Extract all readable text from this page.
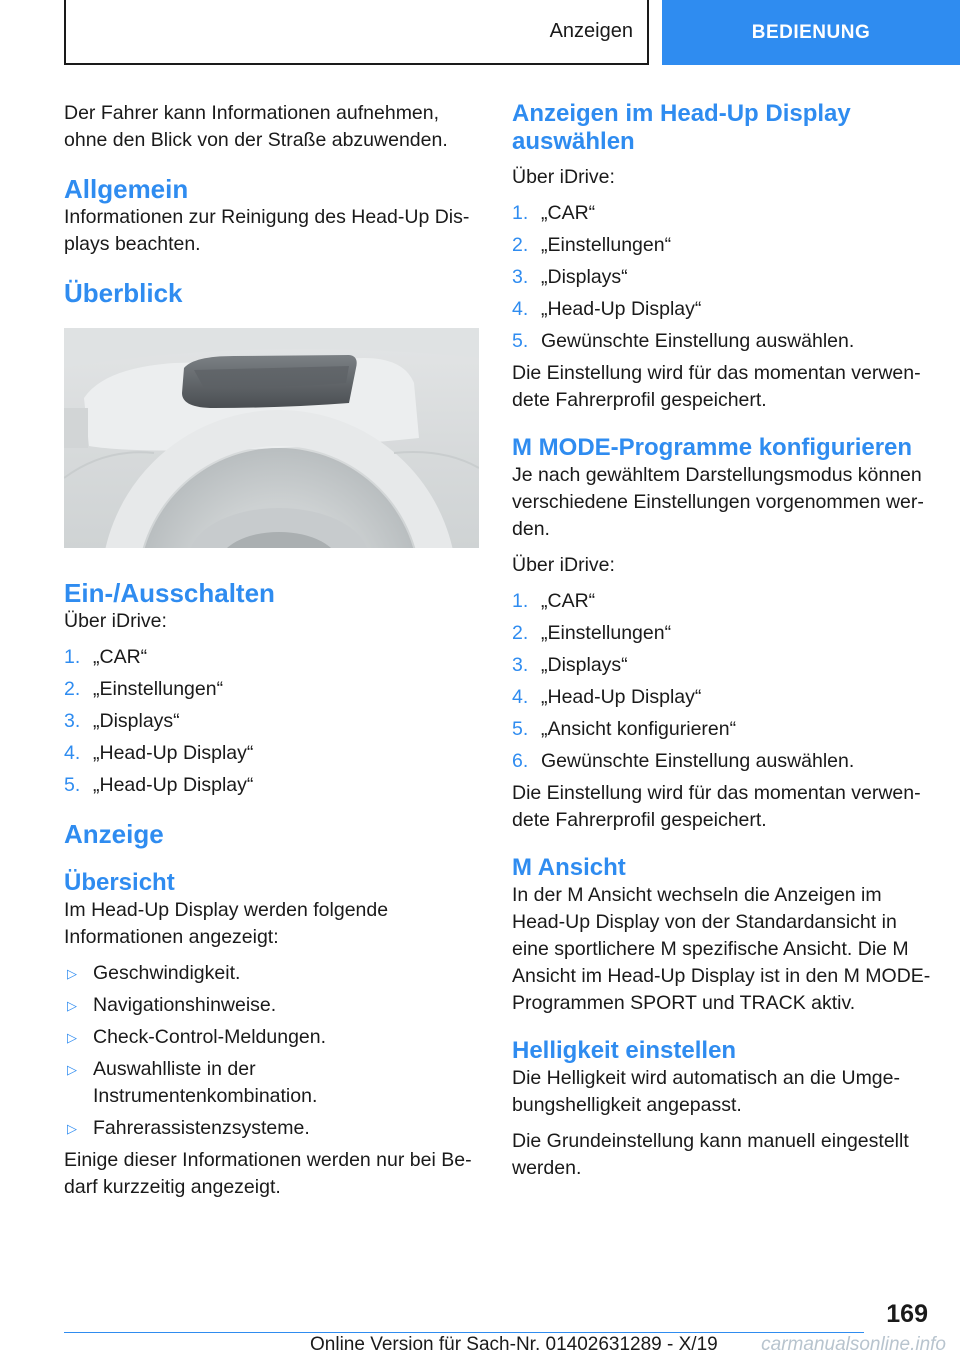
Anzeigen	BEDIENUNG

Der Fahrer kann Informationen aufnehmen, ohne den Blick von der Straße abzuwenden.

Allgemein

Informationen zur Reinigung des Head-Up Displays beachten.

Überblick
Ein-/Ausschalten

Über iDrive:

1. „CAR“
2. „Einstellungen“
3. „Displays“
4. „Head-Up Display“
5. „Head-Up Display“
Anzeige
Übersicht

Im Head-Up Display werden folgende Informationen angezeigt:

▷ Geschwindigkeit.
▷ Navigationshinweise.
▷ Check-Control-Meldungen.
▷ Auswahlliste in der Instrumentenkombination.
▷ Fahrerassistenzsysteme.

Einige dieser Informationen werden nur bei Bedarf kurzzeitig angezeigt.

Anzeigen im Head-Up Display auswählen

Über iDrive:

1. „CAR“
2. „Einstellungen“
3. „Displays“
4. „Head-Up Display“
5. Gewünschte Einstellung auswählen.

Die Einstellung wird für das momentan verwendete Fahrerprofil gespeichert.

M MODE-Programme konfigurieren

Je nach gewähltem Darstellungsmodus können verschiedene Einstellungen vorgenommen werden.

Über iDrive:

1. „CAR“
2. „Einstellungen“
3. „Displays“
4. „Head-Up Display“
5. „Ansicht konfigurieren“
6. Gewünschte Einstellung auswählen.

Die Einstellung wird für das momentan verwendete Fahrerprofil gespeichert.

M Ansicht

In der M Ansicht wechseln die Anzeigen im Head-Up Display von der Standardansicht in eine sportlichere M spezifische Ansicht. Die M Ansicht im Head-Up Display ist in den M MODE-Programmen SPORT und TRACK aktiv.

Helligkeit einstellen

Die Helligkeit wird automatisch an die Umgebungshelligkeit angepasst.

Die Grundeinstellung kann manuell eingestellt werden.

169
Online Version für Sach-Nr. 01402631289 - X/19 carmanualsonline.info
